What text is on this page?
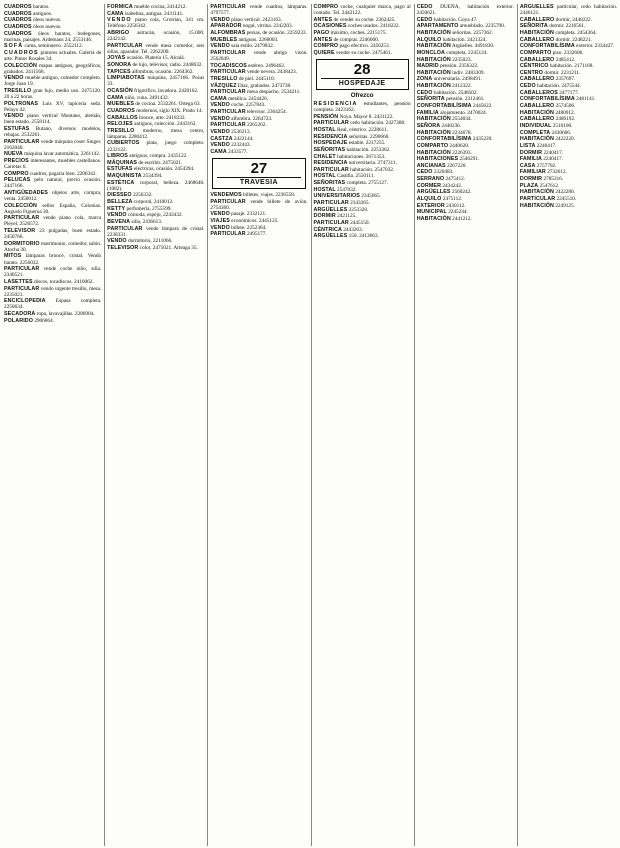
CUADROS baratos.

CUADROS antiguos.

CUADROS óleos nuevos.

CUADROS óleos nuevos.

CUADROS óleos baratos, bodegones, marinas, paisajes. Ardemans 24, 2553146.

SOFÁ cama, seminuevo. 2552112.

CUADROS pintores actuales. Galería de arte. Pintor Rosales 34.

COLECCIÓN mapas antiguos, geográficos, grabados. 2411568.

VENDO mueble antiguo, comedor completo. Jorge Juan 19.

TRESILLO gran lujo, medio uso. 2475120. 20 a 22 horas.

POLTRONAS Luis XV, tapicería seda. Pelayo 42.

VENDO piano vertical Montano, alemán, buen estado. 2558114.

ESTUFAS Butano, diversos modelos, rebajas. 2532261.

PARTICULAR vende máquina coser Singer. 2162040.

NUEVA máquina lavar automática. 2261142.

PRECIOS interesantes, muebles castellanos. Carretas 6.

COMPRO cuadros, pagaría bien. 2206342.

PELUCAS pelo natural, precio ocasión. 2447166.

ANTIGÜEDADES objetos arte, compra, venta. 2450012.

COLECCIÓN sellos España, Colonias. Augusto Figueroa 30.

PARTICULAR vende piano cola, marca Pleyel. 2526572.

TELEVISOR 23 pulgadas, buen estado. 2450766.

DORMITORIO matrimonio, comedor, salón. Atocha 30.

MITOS lámparas bronce, cristal. Vendo barato. 2256032.

PARTICULAR vende coche niño, silla. 2340521.

LASETTES discos, tocadiscos. 2410062.

PARTICULAR vendo urgente tresillo, mesa. 2235021.

ENCICLOPEDIA Espasa completa. 2250634.

SECADORA ropa, lavavajillas. 2286904.

POLARIDO 2906864.

FORMICA mueble cocina, 2414212.

CAMA isabelina, antigua. 2431141.

VENDO piano cola, Grotrian, 341 cm. Teléfono 2256342.

ABRIGO astracán, ocasión, 15.000. 2242142.

PARTICULAR vende mesa comedor, seis sillas, aparador. Tel. 2262200.

JOYAS ocasión. Platería 15. Alcalá.

SONORA de lujo, televisor, radio. 2448632.

TAPICES alfombras, ocasión. 2264362.

LIMPIABOTAS máquina, 2457166. Pozas 33.

OCASIÓN frigorífico, lavadora. 2420162.

CAMA niño, cuna. 2491432.

MUEBLES de cocina. 2532261. Ortega 63.

CUADROS modernos, siglo XIX. Prado 14.

CABALLOS bronce, arte. 2418332.

RELOJES antiguos, colección. 2443162.

TRESILLO moderno, mesa centro, lámparas. 2280412.

CUBIERTOS plata, juego completo. 2232122.

LIBROS antiguos, compra. 2435122.

MÁQUINAS de escribir. 2475021.

ESTUFAS eléctricas, ocasión. 2454394.

MAQUINISTA 2534394.

ESTÉTICA corporal, belleza. 2468648. (1082).

DIESSEO 2256332.

BELLEZA corporal, 2410012.

KETTY perfumería, 2755599.

VENDO cómoda, espejo, 2243432.

BEVENA silla, 2436613.

PARTICULAR vende lámpara de cristal. 2238331.

VENDO dormitorio, 2211066.

TELEVISOR color, 2475021. Arteaga 35.

PARTICULAR vende cuadros, lámparas. 4797577.

VENDO piano vertical. 2423163.

APARADOR nogal, vitrina. 2242203.

ALFOMBRAS persas, de ocasión. 2259233.

MUEBLES antiguos. 2260003.

VENDO sala estilo. 2479832.

PARTICULAR vende abrigo visón. 2562849.

TOCADISCOS estéreo. 2496462.

PARTICULAR vende nevera. 2438423.

TRESILLO de piel. 2445110.

VÁZQUEZ Díaz, grabados. 2473738.

PARTICULAR mesa despacho. 2534211.

CAMA metálica. 2454426.

VENDO coche. 2257843.

PARTICULAR televisor. 2364254.

VENDO alfombra. 2264723.

PARTICULAR 2265262.

VENDO 2536213.

CASTZA 2422144.

VENDO 2232443.

CAMA 2433577.

27
TRAVESIA

VENDEMOS billetes, viajes. 2236558.

PARTICULAR vende billete de avión. 2754360.

VENDO pasaje. 2332121.

VIAJES económicos. 2445125.

VENDO billete. 2252364.

PARTICULAR 2495177.

COMPRO coche, cualquier marca, pago al contado. Tel. 2442122.

ANTES de vender su coche. 2362425.

OCASIONES coches usados. 2418222.

PAGO máximo, coches. 2215175.

ANTES de comprar. 2246000.

COMPRO pago efectivo. 2456253.

QUIERE vender su coche. 2475461.

28
HOSPEDAJE
Ofrezco

RESIDENCIA estudiantes, pensión completa. 2423162.

PENSIÓN Noya. Mayor 8. 2431122.

PARTICULAR cedo habitación. 2427308.

HOSTAL Real, céntrico. 2228611.

RESIDENCIA señoritas. 2290660.

HOSPEDAJE estable. 2217255.

SEÑORITAS habitación. 2253362.

CHALET habitaciones. 2671353.

RESIDENCIA universitaria. 2747311.

PARTICULAR habitación. 2547032.

HOSTAL Castilla. 2550111.

SEÑORITAS completa. 2755127.

HOSTAL 2547032.

UNIVERSITARIOS 2345665.

PARTICULAR 2343265.

ARGÜELLES 2253320.

DORMIR 2421125.

PARTICULAR 2445150.

CÉNTRICA 2443263.

ARGÜELLES 150. 2413663.

CEDO DUEÑA, habitación exterior. 2450621.

CEDO habitación. Goya 47.

APARTAMENTO amueblado. 2235790.

HABITACIÓN señoritas. 2257362.

ALQUILO habitación. 2421324.

HABITACIÓN Argüelles. 4491830.

MONCLOA completa. 2245124.

HABITACIÓN 2235023.

MADRID pensión. 2356322.

HABITACIÓN indiv. 2483309.

ZONA universitaria. 2498491.

HABITACIÓN 2412322.

CEDO habitación. 2548502.

SEÑORITA pensión. 2312461.

CONFORTABILÍSIMA 2445622.

FAMILIA alojamiento. 2470024.

HABITACIÓN 2554034.

SEÑORA 2440236.

HABITACIÓN 2234678.

CONFORTABILÍSIMA 2435220.

COMPARTO 2440620.

HABITACIÓN 2226393.

HABITACIONES 2546291.

ANCIANAS 2267220.

CEDO 2320483.

SERRANO 2475412.

CORMER 2434242.

ARGÜELLES 2560242.

ALQUILO 2475112.

EXTERIOR 2430112.

MUNICIPAL 2245244.

HABITACIÓN 2441212.

ARGÜELLES particular, cedo habitación. 2446121.

CABALLERO dormir, 2448222.

SEÑORITA dormir. 2216561.

HABITACIÓN completa. 2454364.

CABALLERO dormir. 2248221.

CONFORTABILÍSIMA exterior. 2334427.

COMPARTO piso. 2332606.

CABALLERO 2485412.

CÉNTRICO habitación. 2171168.

CENTRO dormir. 2231211.

CABALLERO 2357697.

CEDO habitación. 2475544.

CABALLEROS 2477177.

CONFORTABILÍSIMA 2481141.

CABALLERO 2574506.

HABITACIÓN 2480912.

CABALLERO 2486192.

INDIVIDUAL 2510100.

COMPLETA 2430606.

HABITACIÓN 2422220.

LISTA 2240417.

DORMIR 2240417.

FAMILIA 2240417.

CASA 2757702.

FAMILIAR 2732612.

DORMIR 2785316.

PLAZA 2547612.

HABITACIÓN 2422280.

PARTICULAR 2245510.

HABITACIÓN 2249125.
